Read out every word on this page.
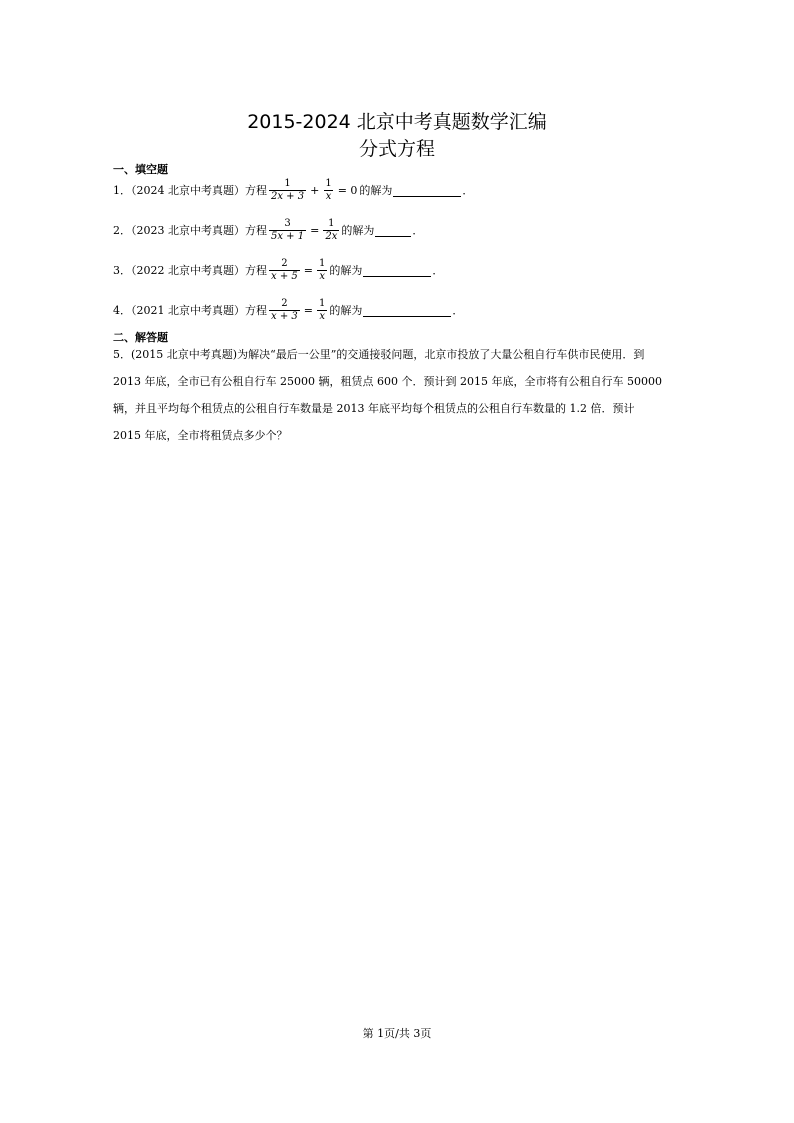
2015-2024 北京中考真题数学汇编
分式方程
一、填空题
1．（2024 北京中考真题）方程 $\frac{1}{2x + 3} + \frac{1}{x} = 0$ 的解为	．
2．（2023 北京中考真题）方程 $\frac{3}{5x + 1} = \frac{1}{2x}$ 的解为	．
3．（2022 北京中考真题）方程 $\frac{2}{x + 5} = \frac{1}{x}$ 的解为	．
4．（2021 北京中考真题）方程 $\frac{2}{x + 3} = \frac{1}{x}$ 的解为	．
二、解答题
5．(2015 北京中考真题)为解决“最后一公里”的交通接驳问题，北京市投放了大量公租自行车供市民使用．到
2013 年底，全市已有公租自行车 25000 辆，租赁点 600 个．预计到 2015 年底，全市将有公租自行车 50000
辆，并且平均每个租赁点的公租自行车数量是 2013 年底平均每个租赁点的公租自行车数量的 1.2 倍．预计
2015 年底，全市将租赁点多少个？
第 1页/共 3页
